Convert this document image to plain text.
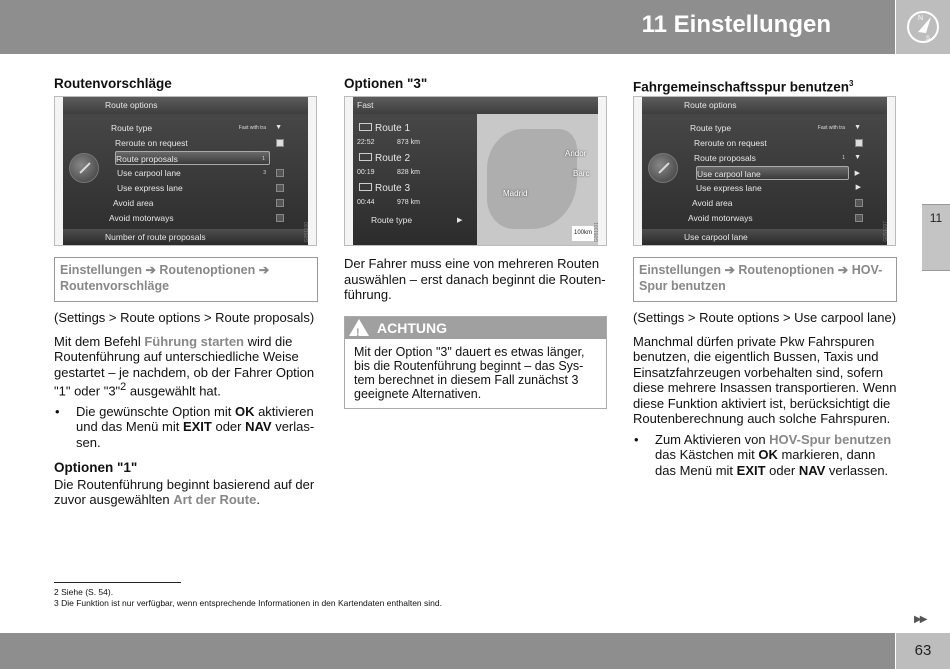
11 Einstellungen	N
S
11
Routenvorschläge
Route options
Route type	Fast with tra ▼
Reroute on request
Route proposals	1
Use carpool lane	3
Use express lane
Avoid area
Avoid motorways
Number of route proposals	G051100
Einstellungen ➔ Routenoptionen ➔ Routenvorschläge

(Settings > Route options > Route proposals)

Mit dem Befehl Führung starten wird die Routenführung auf unterschiedliche Weise gestartet – je nachdem, ob der Fahrer Option "1" oder "3"$^2$ ausgewählt hat.

• Die gewünschte Option mit OK aktivieren und das Menü mit EXIT oder NAV verlas-sen.
Optionen "1"

Die Routenführung beginnt basierend auf der zuvor ausgewählten Art der Route.

Optionen "3"
Fast
Route 1
22:52	873 km
Route 2
00:19	828 km
Route 3
00:44	978 km
Route type	▶
Andor
Barc
Madrid
100km G051101

Der Fahrer muss eine von mehreren Routen auswählen – erst danach beginnt die Routen-führung.

!
ACHTUNG
Mit der Option "3" dauert es etwas länger, bis die Routenführung beginnt – das Sys-tem berechnet in diesem Fall zunächst 3 geeignete Alternativen.
Fahrgemeinschaftsspur benutzen$^3$
Route options
Route type	Fast with tra ▼
Reroute on request
Route proposals	1 ▼
Use carpool lane	▶
Use express lane	▶
Avoid area
Avoid motorways
Use carpool lane	G051097
Einstellungen ➔ Routenoptionen ➔ HOV-Spur benutzen

(Settings > Route options > Use carpool lane)

Manchmal dürfen private Pkw Fahrspuren benutzen, die eigentlich Bussen, Taxis und Einsatzfahrzeugen vorbehalten sind, sofern diese mehrere Insassen transportieren. Wenn diese Funktion aktiviert ist, berücksichtigt die Routenberechnung auch solche Fahrspuren.

• Zum Aktivieren von HOV-Spur benutzen das Kästchen mit OK markieren, dann das Menü mit EXIT oder NAV verlassen.
2 Siehe (S. 54).
3 Die Funktion ist nur verfügbar, wenn entsprechende Informationen in den Kartendaten enthalten sind.
▶▶
63
